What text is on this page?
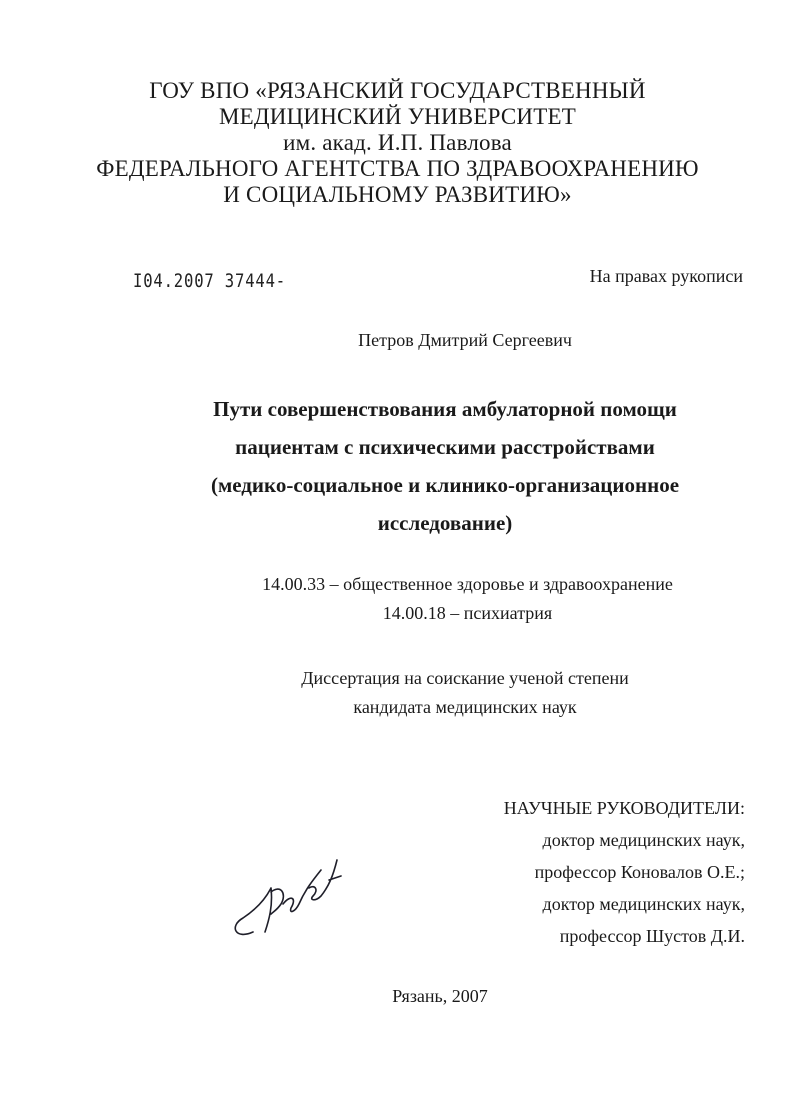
ГОУ ВПО «РЯЗАНСКИЙ ГОСУДАРСТВЕННЫЙ
МЕДИЦИНСКИЙ УНИВЕРСИТЕТ
им. акад. И.П. Павлова
ФЕДЕРАЛЬНОГО АГЕНТСТВА ПО ЗДРАВООХРАНЕНИЮ
И СОЦИАЛЬНОМУ РАЗВИТИЮ»
І04.2007 37444-	На правах рукописи
Петров Дмитрий Сергеевич
Пути совершенствования амбулаторной помощи
пациентам с психическими расстройствами
(медико-социальное и клинико-организационное
исследование)
14.00.33 – общественное здоровье и здравоохранение
14.00.18 – психиатрия
Диссертация на соискание ученой степени
кандидата медицинских наук
НАУЧНЫЕ РУКОВОДИТЕЛИ:
доктор медицинских наук,
профессор Коновалов О.Е.;
доктор медицинских наук,
профессор Шустов Д.И.
Рязань, 2007
